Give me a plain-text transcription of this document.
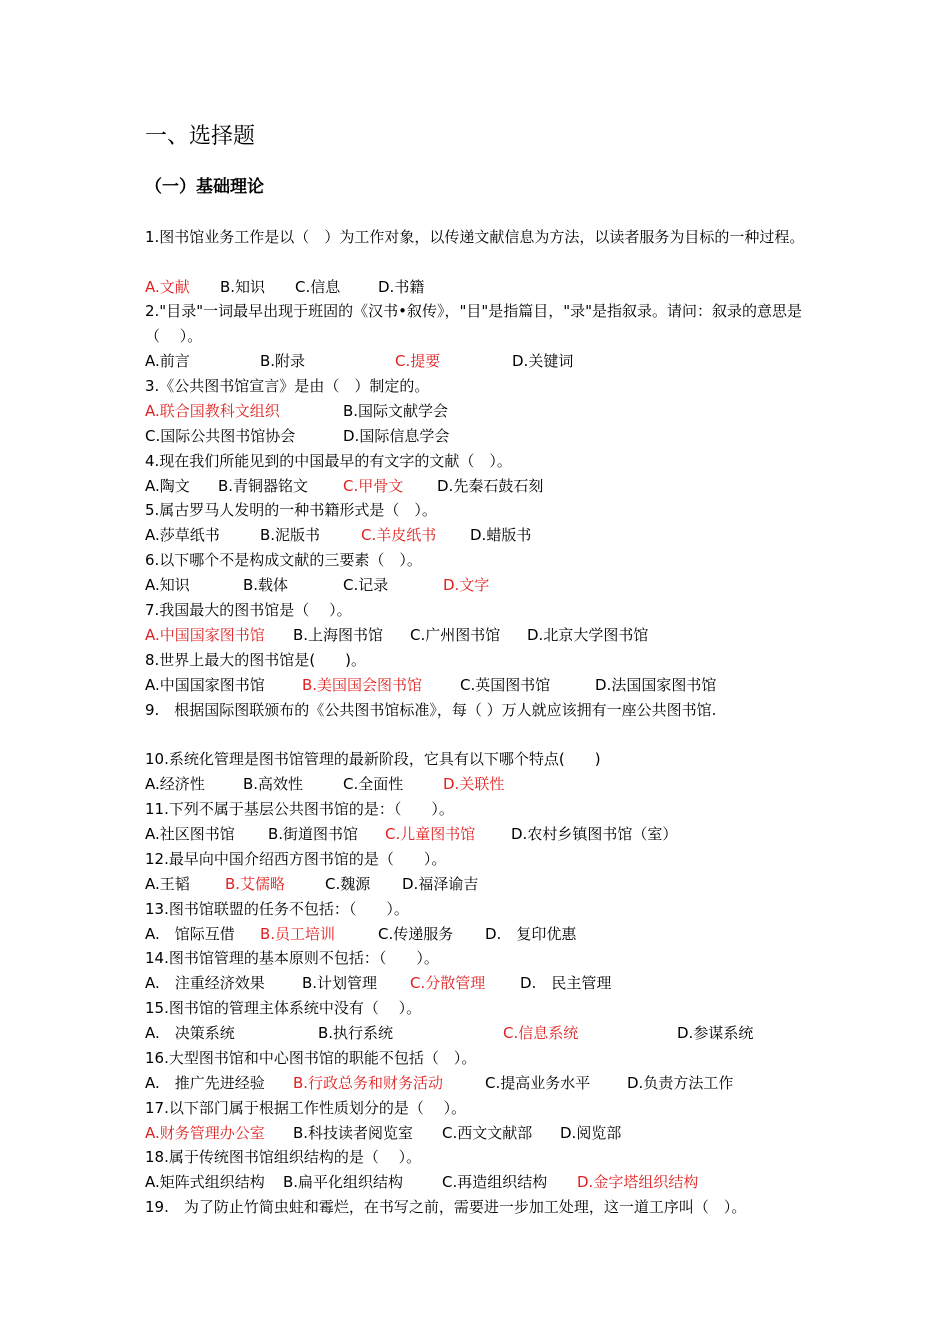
一、选择题
（一）基础理论

1.图书馆业务工作是以（　）为工作对象，以传递文献信息为方法，以读者服务为目标的一种过程。

A.文献 B.知识 C.信息	D.书籍

2."目录"一词最早出现于班固的《汉书•叙传》，"目"是指篇目，"录"是指叙录。请问：叙录的意思是（　 ）。

A.前言	B.附录	C.提要	D.关键词

3.《公共图书馆宣言》是由（　）制定的。

A.联合国教科文组织	B.国际文献学会
C.国际公共图书馆协会	D.国际信息学会

4.现在我们所能见到的中国最早的有文字的文献（　）。

A.陶文 B.青铜器铭文 C.甲骨文 D.先秦石鼓石刻

5.属古罗马人发明的一种书籍形式是（　）。

A.莎草纸书	B.泥版书	C.羊皮纸书 D.蜡版书

6.以下哪个不是构成文献的三要素（　）。

A.知识	B.载体	C.记录	D.文字

7.我国最大的图书馆是（　 ）。

A.中国国家图书馆 B.上海图书馆 C.广州图书馆 D.北京大学图书馆

8.世界上最大的图书馆是(　　)。

A.中国国家图书馆 B.美国国会图书馆	C.英国图书馆	D.法国国家图书馆

9.　根据国际图联颁布的《公共图书馆标准》，每（ ）万人就应该拥有一座公共图书馆.

10.系统化管理是图书馆管理的最新阶段，它具有以下哪个特点(　　)

A.经济性	B.高效性	C.全面性	D.关联性

11.下列不属于基层公共图书馆的是：（　　）。

A.社区图书馆 B.街道图书馆 C.儿童图书馆 D.农村乡镇图书馆（室）

12.最早向中国介绍西方图书馆的是（　　）。

A.王韬 B.艾儒略	C.魏源 D.福泽谕吉

13.图书馆联盟的任务不包括：（　　）。

A.　馆际互借 B.员工培训	C.传递服务 D.　复印优惠

14.图书馆管理的基本原则不包括：（　　）。

A.　注重经济效果 B.计划管理 C.分散管理 D.　民主管理

15.图书馆的管理主体系统中没有（　 ）。

A.　决策系统	B.执行系统	C.信息系统	D.参谋系统

16.大型图书馆和中心图书馆的职能不包括（　）。

A.　推广先进经验 B.行政总务和财务活动	C.提高业务水平 D.负责方法工作

17.以下部门属于根据工作性质划分的是（　 ）。

A.财务管理办公室 B.科技读者阅览室 C.西文文献部 D.阅览部

18.属于传统图书馆组织结构的是（　 ）。

A.矩阵式组织结构 B.扁平化组织结构	C.再造组织结构 D.金字塔组织结构

19.　为了防止竹简虫蛀和霉烂，在书写之前，需要进一步加工处理，这一道工序叫（　）。
